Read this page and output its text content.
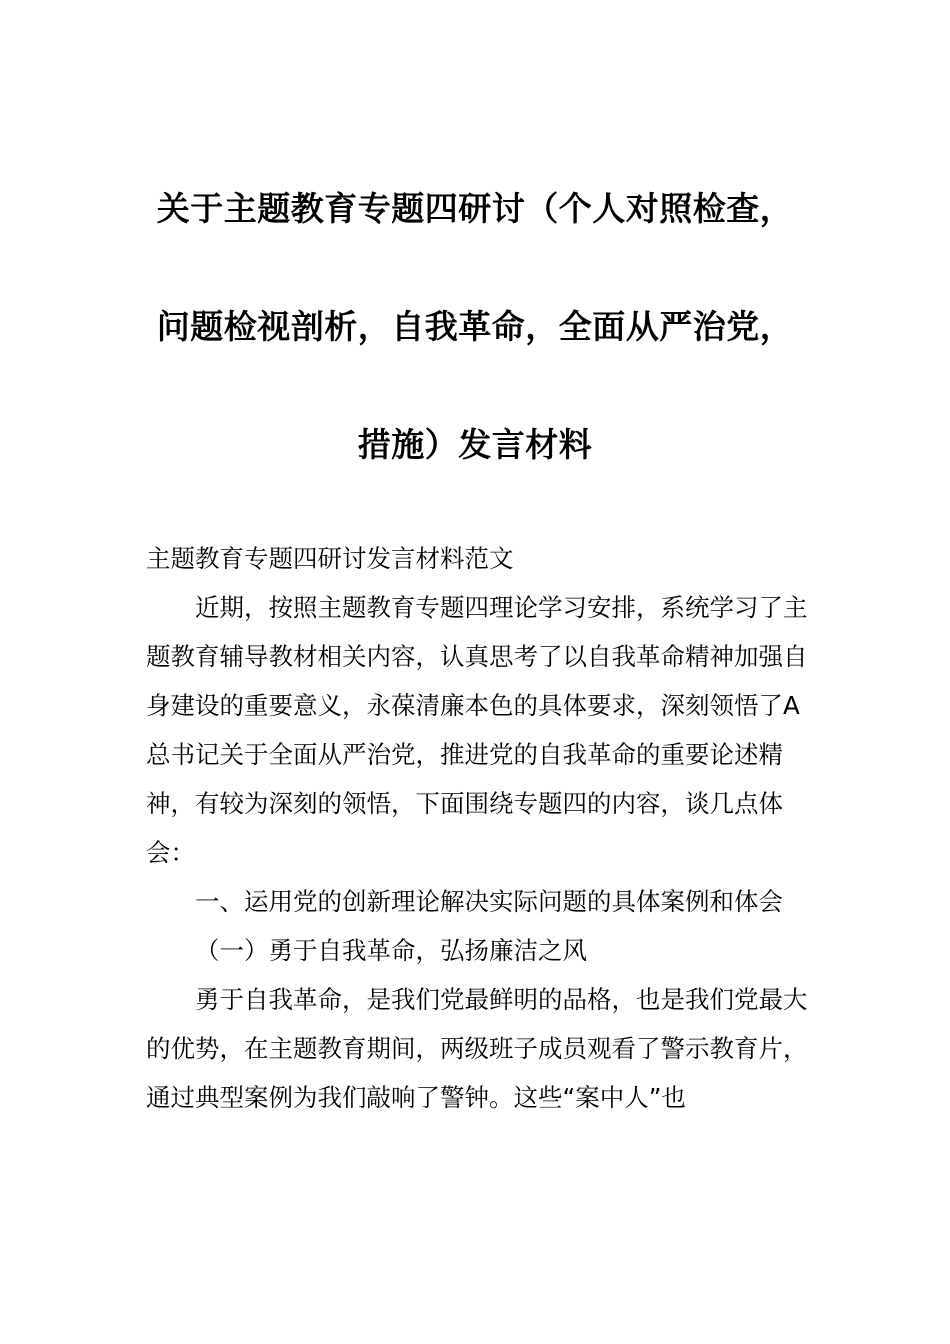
关于主题教育专题四研讨（个人对照检查，
问题检视剖析，自我革命，全面从严治党，
措施）发言材料

主题教育专题四研讨发言材料范文

近期，按照主题教育专题四理论学习安排，系统学习了主题教育辅导教材相关内容，认真思考了以自我革命精神加强自身建设的重要意义，永葆清廉本色的具体要求，深刻领悟了A总书记关于全面从严治党，推进党的自我革命的重要论述精神，有较为深刻的领悟，下面围绕专题四的内容，谈几点体会：

一、运用党的创新理论解决实际问题的具体案例和体会

（一）勇于自我革命，弘扬廉洁之风

勇于自我革命，是我们党最鲜明的品格，也是我们党最大的优势，在主题教育期间，两级班子成员观看了警示教育片，通过典型案例为我们敲响了警钟。这些“案中人”也
